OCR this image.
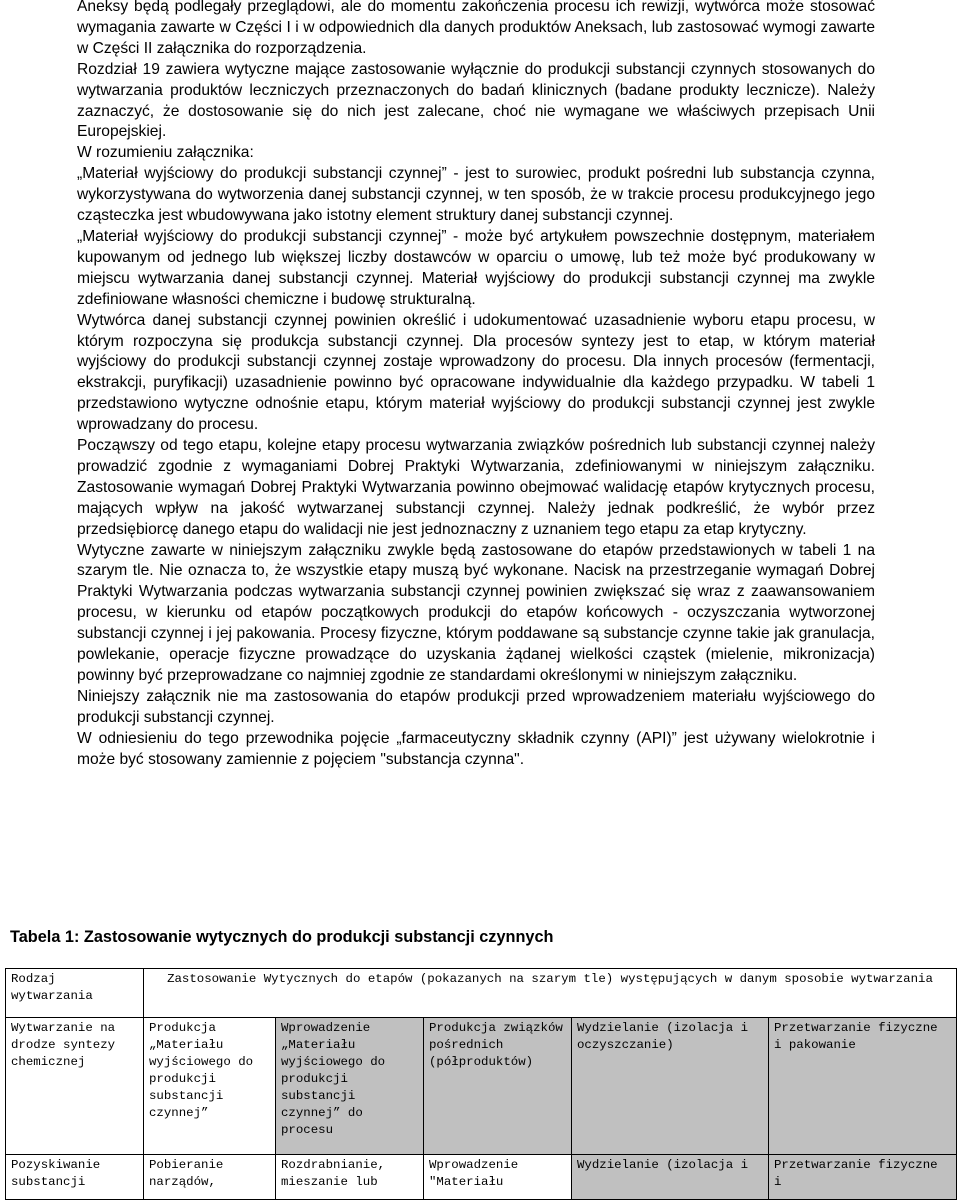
Aneksy będą podlegały przeglądowi, ale do momentu zakończenia procesu ich rewizji, wytwórca może stosować wymagania zawarte w Części I i w odpowiednich dla danych produktów Aneksach, lub zastosować wymogi zawarte w Części II załącznika do rozporządzenia.

Rozdział 19 zawiera wytyczne mające zastosowanie wyłącznie do produkcji substancji czynnych stosowanych do wytwarzania produktów leczniczych przeznaczonych do badań klinicznych (badane produkty lecznicze). Należy zaznaczyć, że dostosowanie się do nich jest zalecane, choć nie wymagane we właściwych przepisach Unii Europejskiej.

W rozumieniu załącznika:

„Materiał wyjściowy do produkcji substancji czynnej” - jest to surowiec, produkt pośredni lub substancja czynna, wykorzystywana do wytworzenia danej substancji czynnej, w ten sposób, że w trakcie procesu produkcyjnego jego cząsteczka jest wbudowywana jako istotny element struktury danej substancji czynnej.

„Materiał wyjściowy do produkcji substancji czynnej” - może być artykułem powszechnie dostępnym, materiałem kupowanym od jednego lub większej liczby dostawców w oparciu o umowę, lub też może być produkowany w miejscu wytwarzania danej substancji czynnej. Materiał wyjściowy do produkcji substancji czynnej ma zwykle zdefiniowane własności chemiczne i budowę strukturalną.

Wytwórca danej substancji czynnej powinien określić i udokumentować uzasadnienie wyboru etapu procesu, w którym rozpoczyna się produkcja substancji czynnej. Dla procesów syntezy jest to etap, w którym materiał wyjściowy do produkcji substancji czynnej zostaje wprowadzony do procesu. Dla innych procesów (fermentacji, ekstrakcji, puryfikacji) uzasadnienie powinno być opracowane indywidualnie dla każdego przypadku. W tabeli 1 przedstawiono wytyczne odnośnie etapu, którym materiał wyjściowy do produkcji substancji czynnej jest zwykle wprowadzany do procesu.

Począwszy od tego etapu, kolejne etapy procesu wytwarzania związków pośrednich lub substancji czynnej należy prowadzić zgodnie z wymaganiami Dobrej Praktyki Wytwarzania, zdefiniowanymi w niniejszym załączniku. Zastosowanie wymagań Dobrej Praktyki Wytwarzania powinno obejmować walidację etapów krytycznych procesu, mających wpływ na jakość wytwarzanej substancji czynnej. Należy jednak podkreślić, że wybór przez przedsiębiorcę danego etapu do walidacji nie jest jednoznaczny z uznaniem tego etapu za etap krytyczny.

Wytyczne zawarte w niniejszym załączniku zwykle będą zastosowane do etapów przedstawionych w tabeli 1 na szarym tle. Nie oznacza to, że wszystkie etapy muszą być wykonane. Nacisk na przestrzeganie wymagań Dobrej Praktyki Wytwarzania podczas wytwarzania substancji czynnej powinien zwiększać się wraz z zaawansowaniem procesu, w kierunku od etapów początkowych produkcji do etapów końcowych - oczyszczania wytworzonej substancji czynnej i jej pakowania. Procesy fizyczne, którym poddawane są substancje czynne takie jak granulacja, powlekanie, operacje fizyczne prowadzące do uzyskania żądanej wielkości cząstek (mielenie, mikronizacja) powinny być przeprowadzane co najmniej zgodnie ze standardami określonymi w niniejszym załączniku.

Niniejszy załącznik nie ma zastosowania do etapów produkcji przed wprowadzeniem materiału wyjściowego do produkcji substancji czynnej.

W odniesieniu do tego przewodnika pojęcie „farmaceutyczny składnik czynny (API)” jest używany wielokrotnie i może być stosowany zamiennie z pojęciem "substancja czynna".

Tabela 1: Zastosowanie wytycznych do produkcji substancji czynnych
Rodzaj wytwarzania	Zastosowanie Wytycznych do etapów (pokazanych na szarym tle) występujących w danym sposobie wytwarzania				
Wytwarzanie na drodze syntezy chemicznej	Produkcja „Materiału wyjściowego do produkcji substancji czynnej”	Wprowadzenie „Materiału wyjściowego do produkcji substancji czynnej” do procesu	Produkcja związków pośrednich (półproduktów)	Wydzielanie (izolacja i oczyszczanie)	Przetwarzanie fizyczne i pakowanie
Pozyskiwanie substancji	Pobieranie narządów,	Rozdrabnianie, mieszanie lub	Wprowadzenie "Materiału	Wydzielanie (izolacja i	Przetwarzanie fizyczne i
